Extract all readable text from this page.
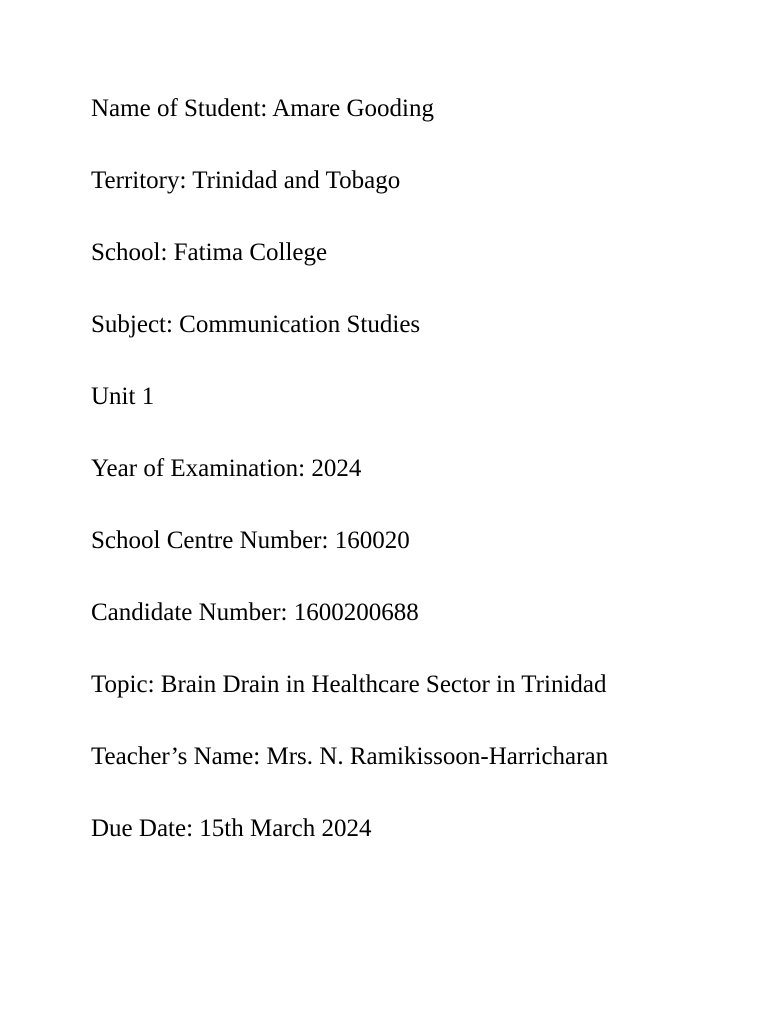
Name of Student: Amare Gooding
Territory: Trinidad and Tobago
School: Fatima College
Subject: Communication Studies
Unit 1
Year of Examination: 2024
School Centre Number: 160020
Candidate Number: 1600200688
Topic: Brain Drain in Healthcare Sector in Trinidad
Teacher’s Name: Mrs. N. Ramikissoon-Harricharan
Due Date: 15th March 2024
